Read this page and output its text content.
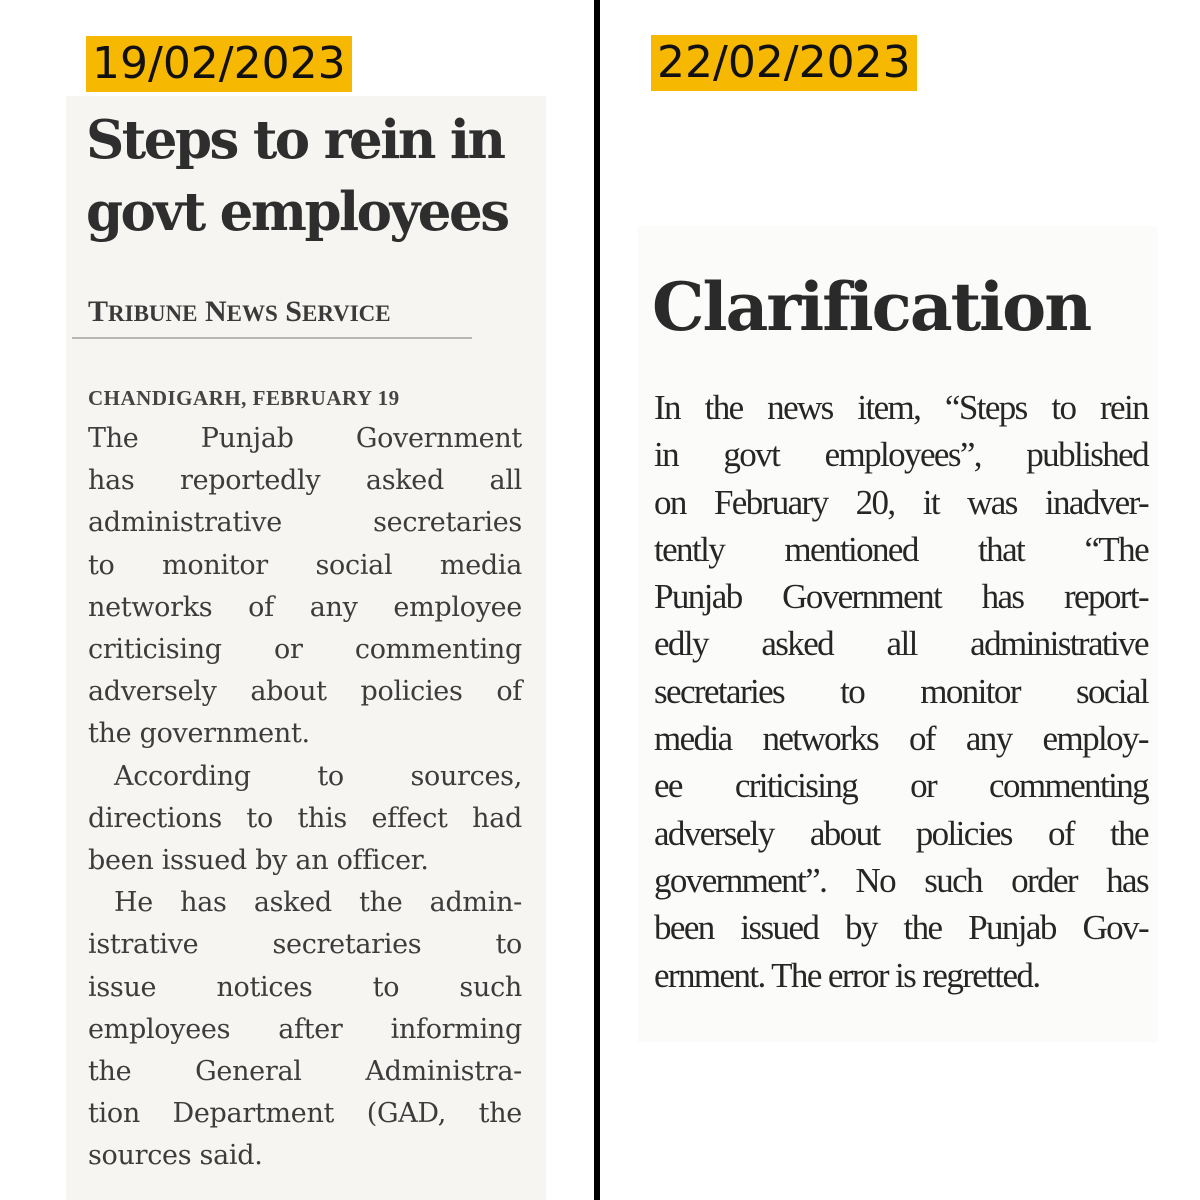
19/02/2023
Steps to rein in
govt employees
TRIBUNE NEWS SERVICE
CHANDIGARH, FEBRUARY 19
The Punjab Government
has reportedly asked all
administrative secretaries
to monitor social media
networks of any employee
criticising or commenting
adversely about policies of
the government.
According to sources,
directions to this effect had
been issued by an officer.
He has asked the admin-
istrative secretaries to
issue notices to such
employees after informing
the General Administra-
tion Department (GAD, the
sources said.
22/02/2023
Clarification
In the news item, “Steps to rein
in govt employees”, published
on February 20, it was inadver-
tently mentioned that “The
Punjab Government has report-
edly asked all administrative
secretaries to monitor social
media networks of any employ-
ee criticising or commenting
adversely about policies of the
government”. No such order has
been issued by the Punjab Gov-
ernment. The error is regretted.
